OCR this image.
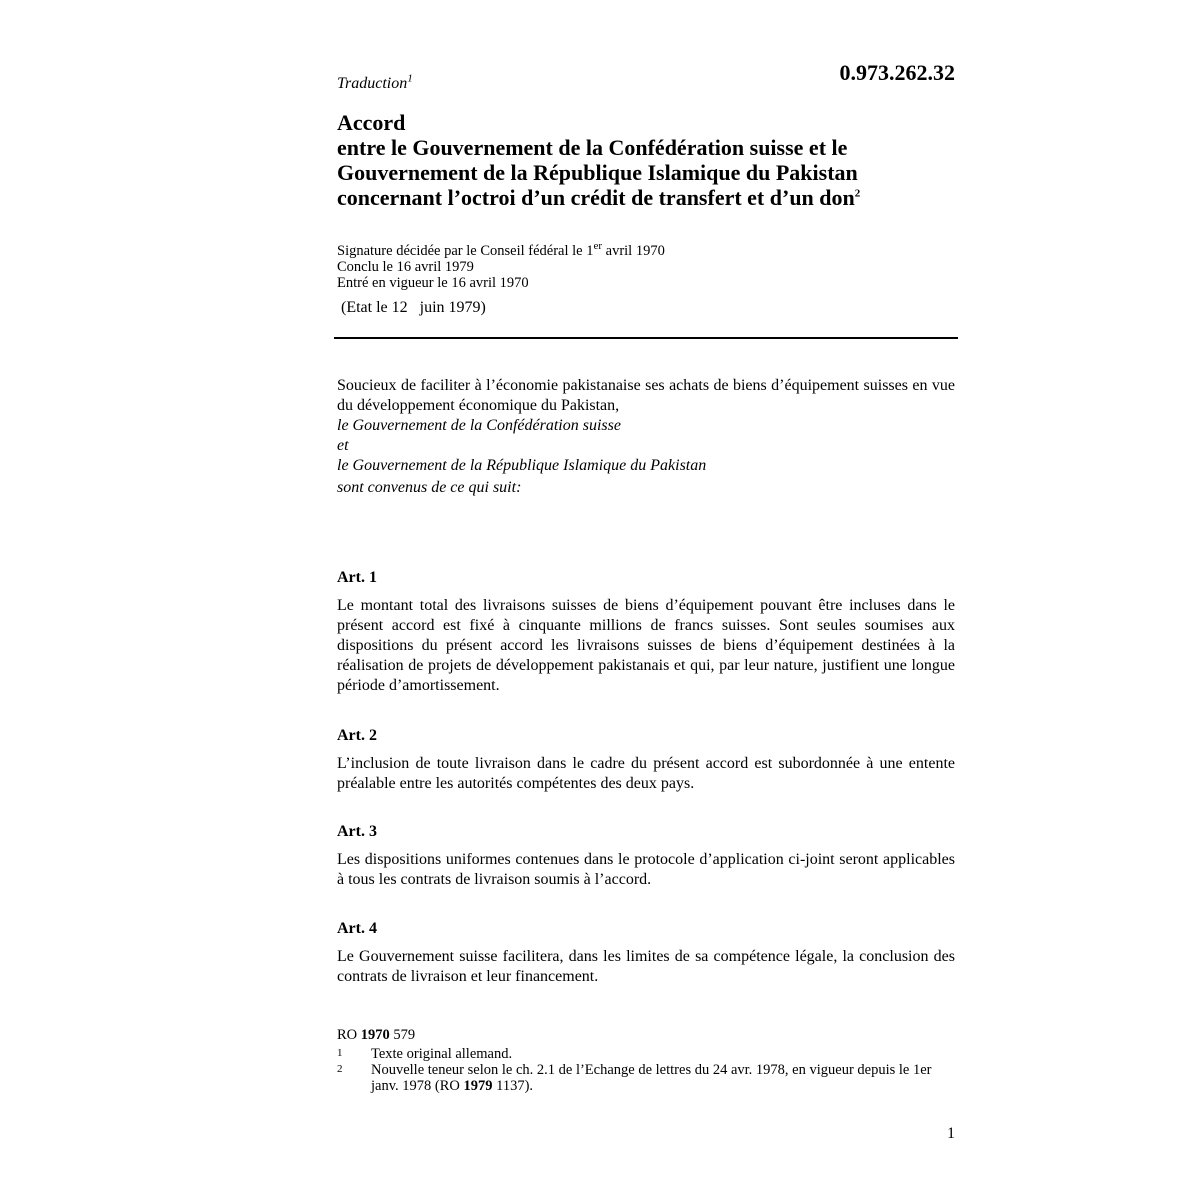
Traduction$^1$	0.973.262.32
Accord
entre le Gouvernement de la Confédération suisse et le
Gouvernement de la République Islamique du Pakistan
concernant l’octroi d’un crédit de transfert et d’un don$^2$
Signature décidée par le Conseil fédéral le 1er avril 1970
Conclu le 16 avril 1979
Entré en vigueur le 16 avril 1970
(Etat le 12   juin 1979)
Soucieux de faciliter à l’économie pakistanaise ses achats de biens d’équipement suisses en vue du développement économique du Pakistan,
le Gouvernement de la Confédération suisse
et
le Gouvernement de la République Islamique du Pakistan
sont convenus de ce qui suit:
Art. 1
Le montant total des livraisons suisses de biens d’équipement pouvant être incluses dans le présent accord est fixé à cinquante millions de francs suisses. Sont seules soumises aux dispositions du présent accord les livraisons suisses de biens d’équipement destinées à la réalisation de projets de développement pakistanais et qui, par leur nature, justifient une longue période d’amortissement.
Art. 2
L’inclusion de toute livraison dans le cadre du présent accord est subordonnée à une entente préalable entre les autorités compétentes des deux pays.
Art. 3
Les dispositions uniformes contenues dans le protocole d’application ci-joint seront applicables à tous les contrats de livraison soumis à l’accord.
Art. 4
Le Gouvernement suisse facilitera, dans les limites de sa compétence légale, la conclusion des contrats de livraison et leur financement.
RO 1970 579
1	Texte original allemand.
2	Nouvelle teneur selon le ch. 2.1 de l’Echange de lettres du 24 avr. 1978, en vigueur depuis le 1er janv. 1978 (RO 1979 1137).
1
